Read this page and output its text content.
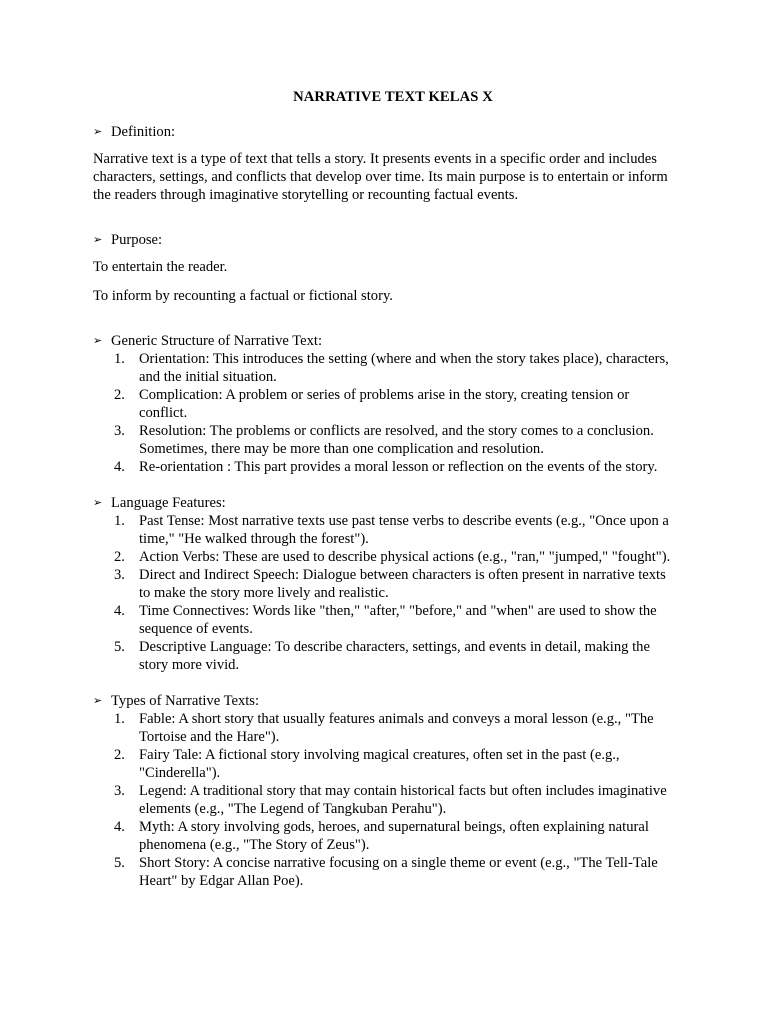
NARRATIVE TEXT KELAS X

➢ Definition:

Narrative text is a type of text that tells a story. It presents events in a specific order and includes characters, settings, and conflicts that develop over time. Its main purpose is to entertain or inform the readers through imaginative storytelling or recounting factual events.

➢ Purpose:

To entertain the reader.

To inform by recounting a factual or fictional story.

➢ Generic Structure of Narrative Text:

1. Orientation: This introduces the setting (where and when the story takes place), characters, and the initial situation.
2. Complication: A problem or series of problems arise in the story, creating tension or conflict.
3. Resolution: The problems or conflicts are resolved, and the story comes to a conclusion. Sometimes, there may be more than one complication and resolution.
4. Re-orientation : This part provides a moral lesson or reflection on the events of the story.

➢ Language Features:

1. Past Tense: Most narrative texts use past tense verbs to describe events (e.g., "Once upon a time," "He walked through the forest").
2. Action Verbs: These are used to describe physical actions (e.g., "ran," "jumped," "fought").
3. Direct and Indirect Speech: Dialogue between characters is often present in narrative texts to make the story more lively and realistic.
4. Time Connectives: Words like "then," "after," "before," and "when" are used to show the sequence of events.
5. Descriptive Language: To describe characters, settings, and events in detail, making the story more vivid.

➢ Types of Narrative Texts:

1. Fable: A short story that usually features animals and conveys a moral lesson (e.g., "The Tortoise and the Hare").
2. Fairy Tale: A fictional story involving magical creatures, often set in the past (e.g., "Cinderella").
3. Legend: A traditional story that may contain historical facts but often includes imaginative elements (e.g., "The Legend of Tangkuban Perahu").
4. Myth: A story involving gods, heroes, and supernatural beings, often explaining natural phenomena (e.g., "The Story of Zeus").
5. Short Story: A concise narrative focusing on a single theme or event (e.g., "The Tell-Tale Heart" by Edgar Allan Poe).
